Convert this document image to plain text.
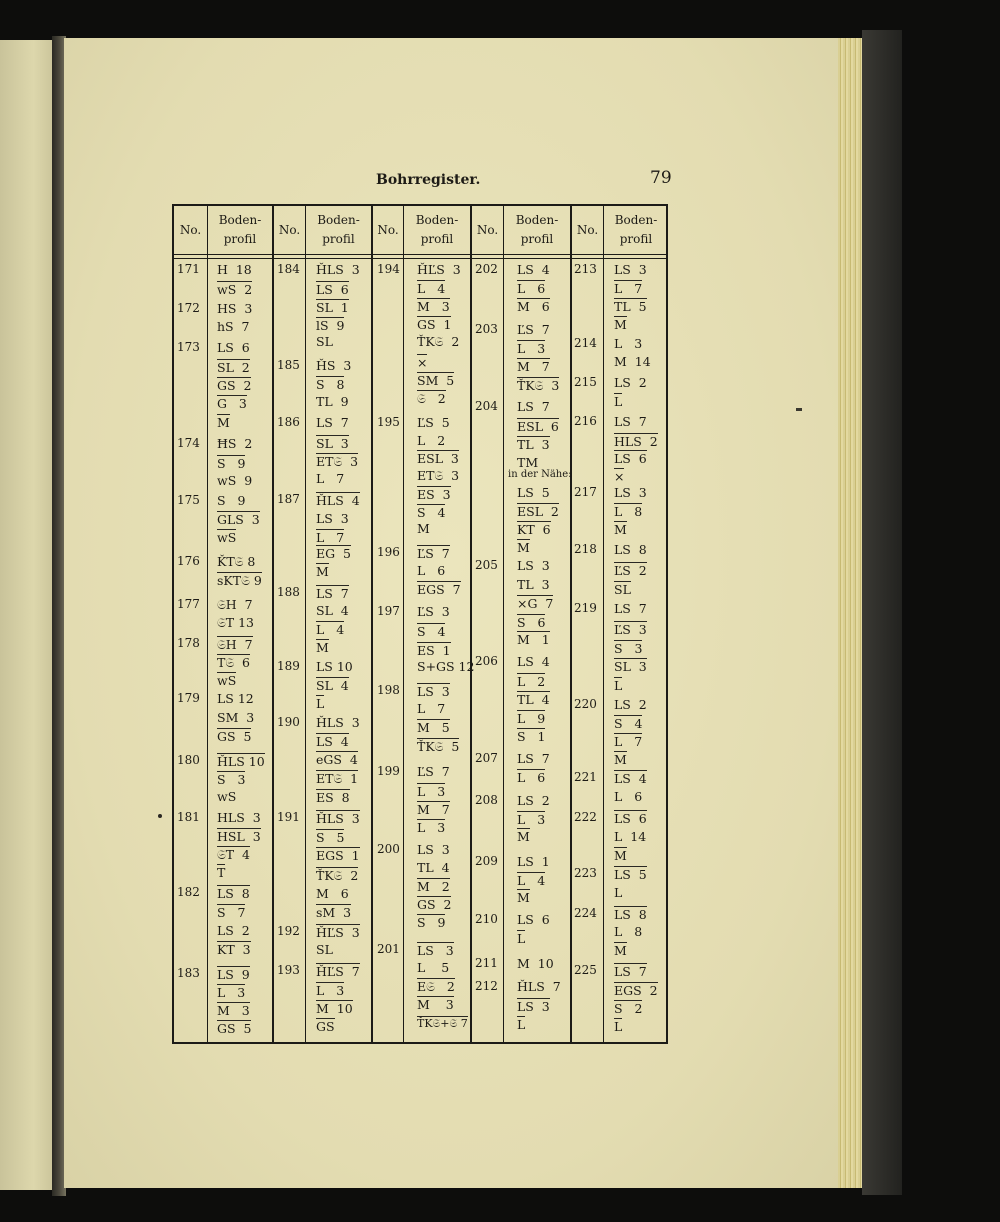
Bohrregister.	79
No.
Boden-
profil
No.
Boden-
profil
No.
Boden-
profil
No.
Boden-
profil
No.
Boden-
profil
171
172
173
174
175
176
177
178
179
180
181
182
183
H  18
wS  2
HS  3
hS  7
LS  6
SL  2
GS  2
G   3
M
ĦS  2
S   9
wS  9
S   9
GLS  3
wS
ǨT𝔖 8
sKT𝔖 9
𝔖H  7
𝔖T 13
𝔖H  7
T𝔖  6
wS
LS 12
SM  3
GS  5
ȞLS 10
S   3
wS
HLS  3
HSL  3
𝔖T  4
T
LS  8
S   7
LS  2
KT  3
LS  9
L   3
M   3
GS  5
184
185
186
187
188
189
190
191
192
193
ȞLS  3
LS  6
SL  1
lS  9
SL
ȞS  3
S   8
TL  9
LS  7
SL  3
ET𝔖  3
L   7
ȞLS  4
LS  3
L   7
EG  5
M
LS  7
SL  4
L   4
M
LS 10
SL  4
L
ȞLS  3
LS  4
eGS  4
ET𝔖  1
ES  8
ȞLS  3
S   5
EGS  1
ŤK𝔖  2
M   6
sM  3
ȞĽS  3
SL
ȞĽS  7
L   3
M  10
GS
194
195
196
197
198
199
200
201
ȞĽS  3
L   4
M   3
GS  1
ŤK𝔖  2
×
SM  5
𝔖   2
ĽS  5
L   2
ESL  3
ET𝔖  3
ES  3
S   4
M
ĽS  7
L   6
EGS  7
ĽS  3
S   4
ES  1
S+GS 12
LS  3
L   7
M   5
ŤK𝔖  5
ĽS  7
L   3
M   7
L   3
LS  3
TL  4
M   2
GS  2
S   9
LS   3
L    5
E𝔖   2
M    3
ŤK𝔖+𝔖 7
202
203
204
205
206
207
208
209
210
211
212
LS  4
L   6
M   6
ĽS  7
L   3
M   7
ŤK𝔖  3
LS  7
ESL  6
TL  3
TM
LS  5
ESL  2
KT  6
M
LS  3
TL  3
×G  7
S   6
M   1
LS  4
L   2
TL  4
L   9
S   1
LS  7
L   6
LS  2
L   3
M
LS  1
L   4
M
LS  6
L
M  10
ȞLS  7
LS  3
L
in der Nähe:
213
214
215
216
217
218
219
220
221
222
223
224
225
LS  3
L   7
TL  5
M
L   3
M  14
LS  2
L
LS  7
HLS  2
LS  6
×
LS  3
L   8
M
LS  8
ĽS  2
SL
LS  7
ĽS  3
S   3
SL  3
L
LS  2
S   4
L   7
M
LS  4
L   6
LS  6
L  14
M
LS  5
L
LS  8
L   8
M
LS  7
EGS  2
S   2
L
